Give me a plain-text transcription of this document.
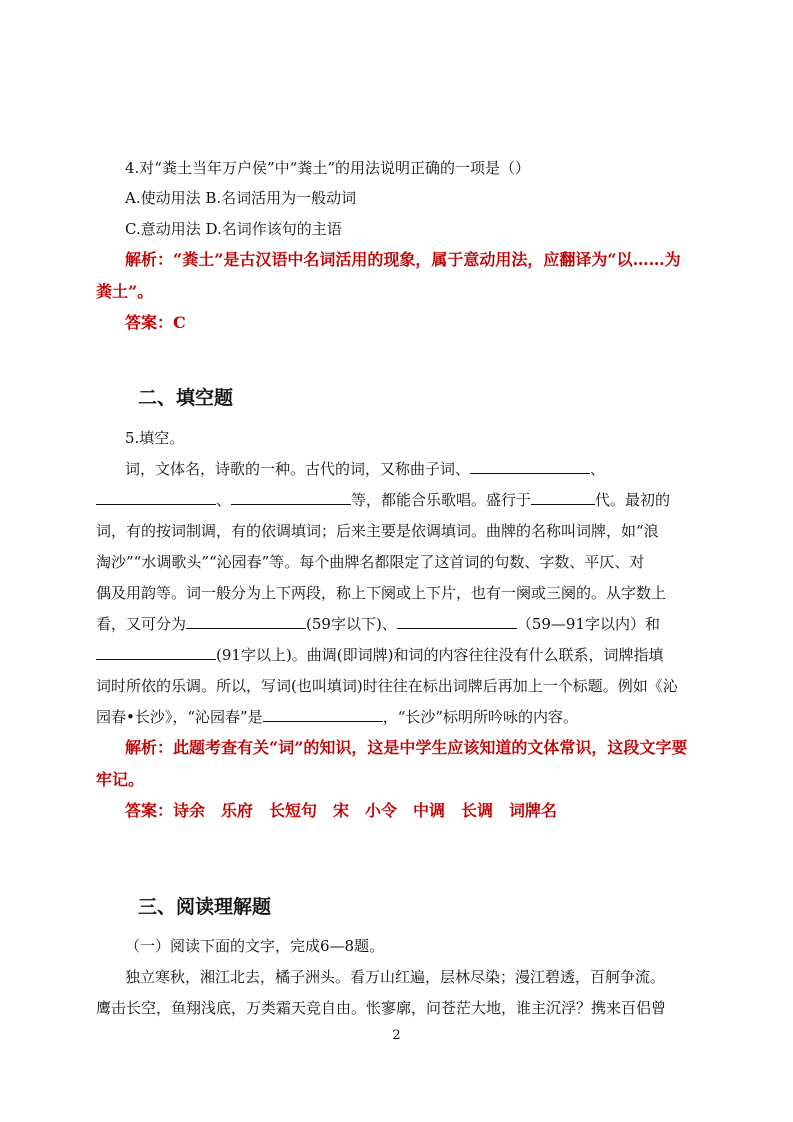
4.对“粪土当年万户侯”中“粪土”的用法说明正确的一项是（）
A.使动用法 B.名词活用为一般动词
C.意动用法 D.名词作该句的主语
解析：“粪土”是古汉语中名词活用的现象，属于意动用法，应翻译为“以……为
粪土”。
答案：C
二、填空题
5.填空。
词，文体名，诗歌的一种。古代的词，又称曲子词、	、
、	等，都能合乐歌唱。盛行于	代。最初的
词，有的按词制调，有的依调填词；后来主要是依调填词。曲牌的名称叫词牌，如“浪
淘沙”“水调歌头”“沁园春”等。每个曲牌名都限定了这首词的句数、字数、平仄、对
偶及用韵等。词一般分为上下两段，称上下阕或上下片，也有一阕或三阕的。从字数上
看，又可分为	(59字以下)、	（59—91字以内）和
(91字以上)。曲调(即词牌)和词的内容往往没有什么联系，词牌指填
词时所依的乐调。所以，写词(也叫填词)时往往在标出词牌后再加上一个标题。例如《沁
园春•长沙》，“沁园春”是	，“长沙”标明所吟咏的内容。
解析：此题考查有关“词”的知识，这是中学生应该知道的文体常识，这段文字要
牢记。
答案：诗余　乐府　长短句　宋　小令　中调　长调　词牌名
三、阅读理解题
（一）阅读下面的文字，完成6—8题。
独立寒秋，湘江北去，橘子洲头。看万山红遍，层林尽染；漫江碧透，百舸争流。
鹰击长空，鱼翔浅底，万类霜天竞自由。怅寥廓，问苍茫大地，谁主沉浮？携来百侣曾
2
